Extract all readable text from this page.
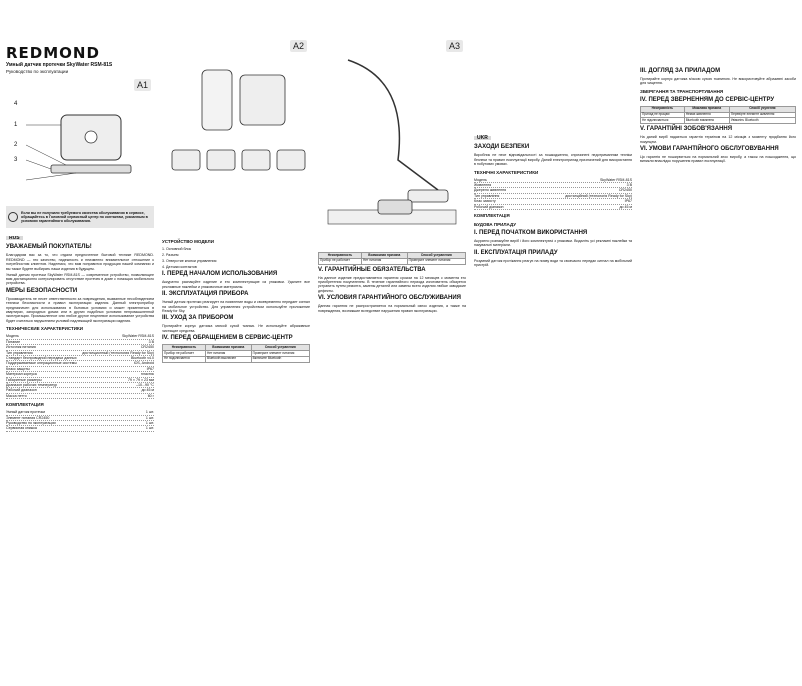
REDMOND
Умный датчик протечки SkyWater RSM-81S
Руководство по эксплуатации
A1
4
1
2
3
A2	A3
Если вы не получили требуемого качества обслуживания в сервисе, обращайтесь в Головной сервисный центр по контактам, указанным в условиях гарантийного обслуживания.
RUS
УВАЖАЕМЫЙ ПОКУПАТЕЛЬ!

Благодарим вас за то, что отдали предпочтение бытовой технике REDMOND. REDMOND — это качество, надежность и неизменно внимательное отношение к потребностям клиентов. Надеемся, что вам понравится продукция нашей компании и вы также будете выбирать наши изделия в будущем.

Умный датчик протечки SkyWater RSM-81S — современное устройство, позволяющее вам дистанционно контролировать отсутствие протечек в доме с помощью мобильного устройства.

МЕРЫ БЕЗОПАСНОСТИ

Производитель не несет ответственности за повреждения, вызванные несоблюдением техники безопасности и правил эксплуатации изделия. Данный электроприбор предназначен для использования в бытовых условиях и может применяться в квартирах, загородных домах или в других подобных условиях непромышленной эксплуатации. Промышленное или любое другое нецелевое использование устройства будет считаться нарушением условий надлежащей эксплуатации изделия.

ТЕХНИЧЕСКИЕ ХАРАКТЕРИСТИКИ
Модель	SkyWater RSM-81S
Питание	3 В
Источник питания	CR2450
Тип управления	дистанционный (технология Ready for Sky)
Стандарт беспроводной передачи данных	Bluetooth v4.0
Поддерживаемые операционные системы	iOS, Android
Класс защиты	IP67
Материал корпуса	пластик
Габаритные размеры	79 × 79 × 23 мм
Диапазон рабочих температур	–10...90 °C
Рабочий диапазон	до 45 м
Масса нетто	60 г
КОМПЛЕКТАЦИЯ
Умный датчик протечки	1 шт.
Элемент питания CR2450	1 шт.
Руководство по эксплуатации	1 шт.
Сервисная книжка	1 шт.
УСТРОЙСТВО МОДЕЛИ

1. Основной блок

2. Разъем

3. Отверстие кнопки управления

4. Датчики контактов

I. ПЕРЕД НАЧАЛОМ ИСПОЛЬЗОВАНИЯ

Аккуратно распакуйте изделие и его комплектующие из упаковки. Удалите все рекламные наклейки и упаковочные материалы.

II. ЭКСПЛУАТАЦИЯ ПРИБОРА

Умный датчик протечки реагирует на появление воды и своевременно передает сигнал на мобильное устройство. Для управления устройством используйте приложение Ready for Sky.

III. УХОД ЗА ПРИБОРОМ

Протирайте корпус датчика мягкой сухой тканью. Не используйте абразивные чистящие средства.

IV. ПЕРЕД ОБРАЩЕНИЕМ В СЕРВИС-ЦЕНТР
Неисправность	Возможная причина	Способ устранения
Прибор не работает	Нет питания	Проверьте элемент питания
Не подключается	Bluetooth выключен	Включите Bluetooth
Неисправность	Возможная причина	Способ устранения
Прибор не работает	Нет питания	Проверьте элемент питания
V. ГАРАНТИЙНЫЕ ОБЯЗАТЕЛЬСТВА

На данное изделие предоставляется гарантия сроком на 12 месяцев с момента его приобретения покупателем. В течение гарантийного периода изготовитель обязуется устранить путем ремонта, замены деталей или замены всего изделия любые заводские дефекты.

VI. УСЛОВИЯ ГАРАНТИЙНОГО ОБСЛУЖИВАНИЯ

Данная гарантия не распространяется на нормальный износ изделия, а также на повреждения, возникшие вследствие нарушения правил эксплуатации.

UKR
ЗАХОДИ БЕЗПЕКИ

Виробник не несе відповідальності за пошкодження, спричинені недотриманням техніки безпеки та правил експлуатації виробу. Даний електроприлад призначений для використання в побутових умовах.

ТЕХНІЧНІ ХАРАКТЕРИСТИКИ
Модель	SkyWater RSM-81S
Живлення	3 В
Джерело живлення	CR2450
Тип управління	дистанційний (технологія Ready for Sky)
Клас захисту	IP67
Робочий діапазон	до 45 м
КОМПЛЕКТАЦІЯ
БУДОВА ПРИЛАДУ
I. ПЕРЕД ПОЧАТКОМ ВИКОРИСТАННЯ

Акуратно розпакуйте виріб і його комплектуючі з упаковки. Видаліть усі рекламні наклейки та пакувальні матеріали.

II. ЕКСПЛУАТАЦІЯ ПРИЛАДУ

Розумний датчик протікання реагує на появу води та своєчасно передає сигнал на мобільний пристрій.

III. ДОГЛЯД ЗА ПРИЛАДОМ

Протирайте корпус датчика м'якою сухою тканиною. Не використовуйте абразивні засоби для чищення.

ЗБЕРІГАННЯ ТА ТРАНСПОРТУВАННЯ
IV. ПЕРЕД ЗВЕРНЕННЯМ ДО СЕРВІС-ЦЕНТРУ
Несправність	Можлива причина	Спосіб усунення
Прилад не працює	Немає живлення	Перевірте елемент живлення
Не підключається	Bluetooth вимкнено	Увімкніть Bluetooth
V. ГАРАНТІЙНІ ЗОБОВ'ЯЗАННЯ

На даний виріб надається гарантія терміном на 12 місяців з моменту придбання його покупцем.

VI. УМОВИ ГАРАНТІЙНОГО ОБСЛУГОВУВАННЯ

Ця гарантія не поширюється на нормальний знос виробу, а також на пошкодження, що виникли внаслідок порушення правил експлуатації.
